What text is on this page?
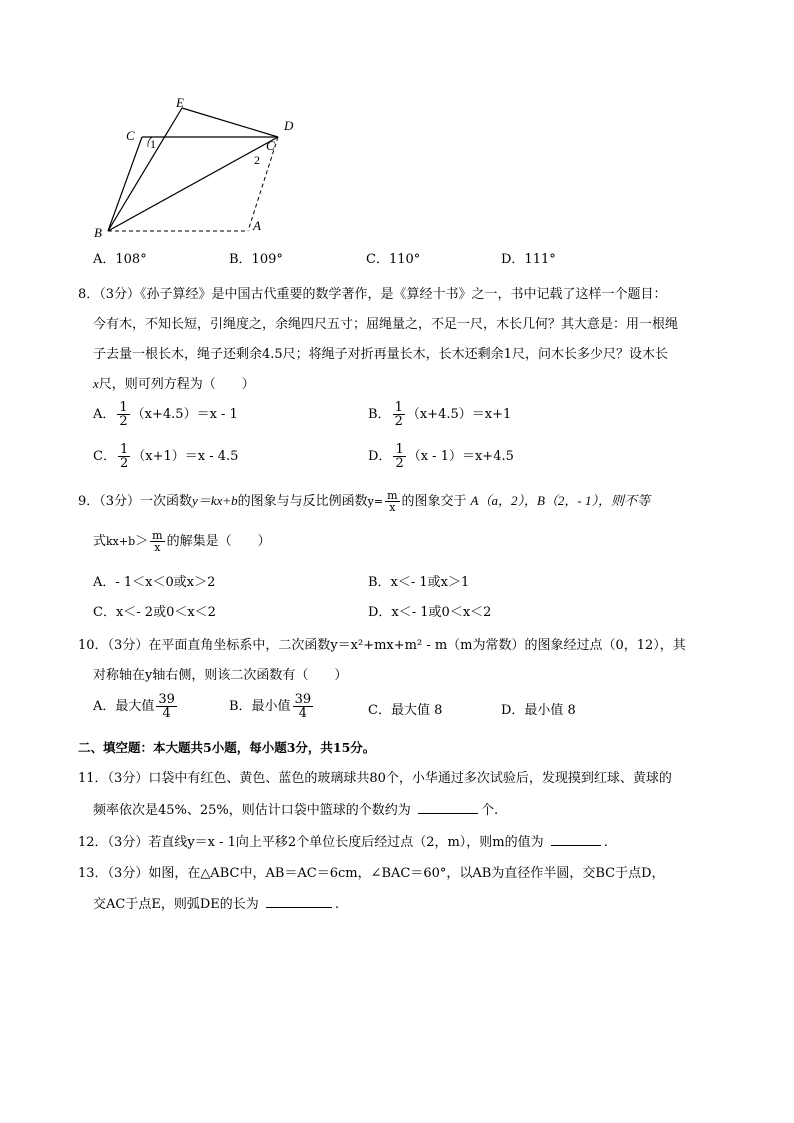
E
C
D
C
1
2
B	A
A．108°	B．109°	C．110°	D．111°
8．（3分）《孙子算经》是中国古代重要的数学著作，是《算经十书》之一，书中记载了这样一个题目：
今有木，不知长短，引绳度之，余绳四尺五寸；屈绳量之，不足一尺，木长几何？其大意是：用一根绳
子去量一根长木，绳子还剩余4.5尺；将绳子对折再量长木，长木还剩余1尺，问木长多少尺？设木长
x尺，则可列方程为（　　）
A． $\frac{1}{2} (x+4.5)=x - 1$	B． $\frac{1}{2} (x+4.5)=x+1$
C． $\frac{1}{2} (x+1)=x - 4.5$	D． $\frac{1}{2} (x - 1)=x+4.5$
9．（3分）一次函数y＝kx+b的图象与与反比例函数$y= \frac{m}{x}$ 的图象交于 A（a，2），B（2，- 1），则不等
式$kx+b> \frac{m}{x}$ 的解集是（　　）
A．- 1＜x＜0或x＞2	B．x＜- 1或x＞1
C．x＜- 2或0＜x＜2	D．x＜- 1或0＜x＜2
10．（3分）在平面直角坐标系中，二次函数y＝x²+mx+m² - m（m为常数）的图象经过点（0，12），其
对称轴在y轴右侧，则该二次函数有（　　）
A．最大值 $\frac{39}{4}$	B．最小值 $\frac{39}{4}$	C．最大值 8	D．最小值 8
二、填空题：本大题共5小题，每小题3分，共15分。
11．（3分）口袋中有红色、黄色、蓝色的玻璃球共80个，小华通过多次试验后，发现摸到红球、黄球的
频率依次是45%、25%，则估计口袋中篮球的个数约为	个.
12．（3分）若直线y＝x - 1向上平移2个单位长度后经过点（2，m），则m的值为	.
13．（3分）如图，在△ABC中，AB＝AC＝6cm，∠BAC＝60°，以AB为直径作半圆，交BC于点D，
交AC于点E，则弧DE的长为	.
